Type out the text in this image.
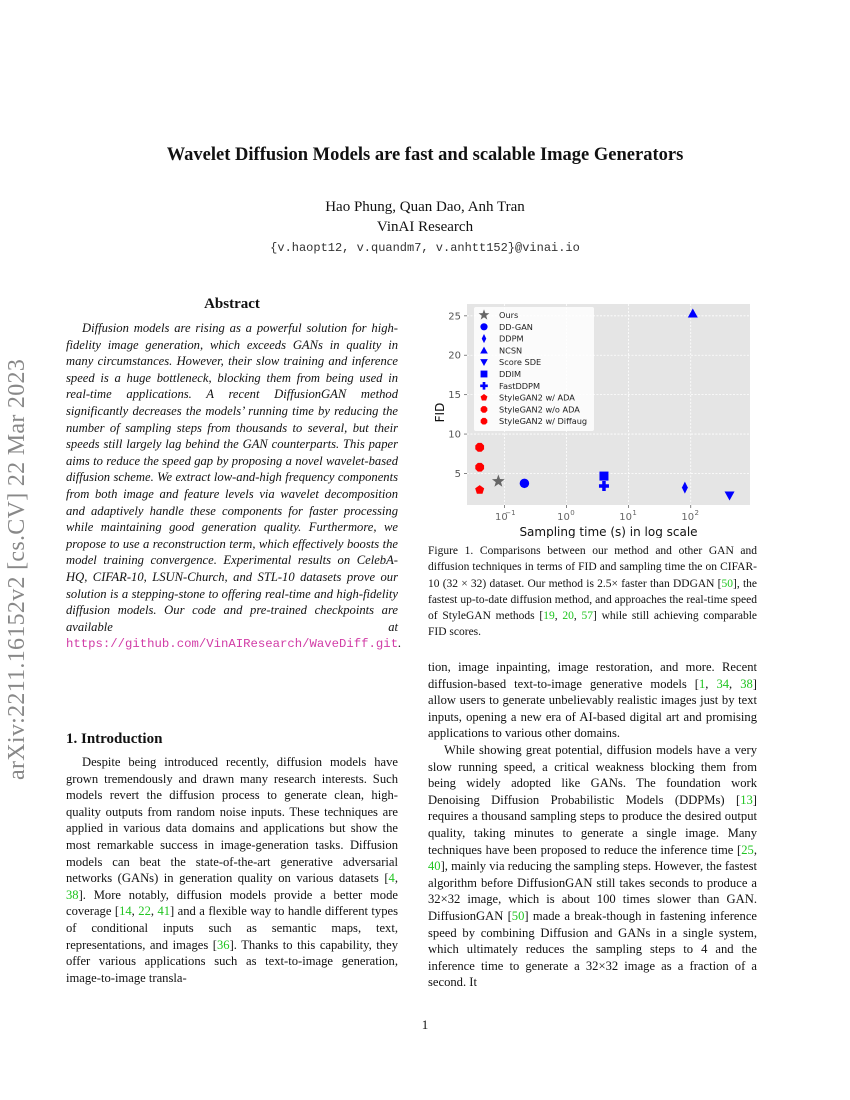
arXiv:2211.16152v2 [cs.CV] 22 Mar 2023
Wavelet Diffusion Models are fast and scalable Image Generators
Hao Phung, Quan Dao, Anh Tran
VinAI Research
{v.haopt12, v.quandm7, v.anhtt152}@vinai.io
Abstract

Diffusion models are rising as a powerful solution for high-fidelity image generation, which exceeds GANs in quality in many circumstances. However, their slow training and inference speed is a huge bottleneck, blocking them from being used in real-time applications. A recent DiffusionGAN method significantly decreases the models’ running time by reducing the number of sampling steps from thousands to several, but their speeds still largely lag behind the GAN counterparts. This paper aims to reduce the speed gap by proposing a novel wavelet-based diffusion scheme. We extract low-and-high frequency components from both image and feature levels via wavelet decomposition and adaptively handle these components for faster processing while maintaining good generation quality. Furthermore, we propose to use a reconstruction term, which effectively boosts the model training convergence. Experimental results on CelebA-HQ, CIFAR-10, LSUN-Church, and STL-10 datasets prove our solution is a stepping-stone to offering real-time and high-fidelity diffusion models. Our code and pre-trained checkpoints are available at https://github.com/VinAIResearch/WaveDiff.git.

1. Introduction

Despite being introduced recently, diffusion models have grown tremendously and drawn many research interests. Such models revert the diffusion process to generate clean, high-quality outputs from random noise inputs. These techniques are applied in various data domains and applications but show the most remarkable success in image-generation tasks. Diffusion models can beat the state-of-the-art generative adversarial networks (GANs) in generation quality on various datasets [4, 38]. More notably, diffusion models provide a better mode coverage [14, 22, 41] and a flexible way to handle different types of conditional inputs such as semantic maps, text, representations, and images [36]. Thanks to this capability, they offer various applications such as text-to-image generation, image-to-image transla-

5
10
15
20
25
10
−1	10 0	10 1	10 2
Sampling time (s) in log scale
FID
Ours
DD-GAN
DDPM
NCSN
Score SDE
DDIM
FastDDPM
StyleGAN2 w/ ADA
StyleGAN2 w/o ADA
StyleGAN2 w/ Diffaug

Figure 1. Comparisons between our method and other GAN and diffusion techniques in terms of FID and sampling time the on CIFAR-10 (32 × 32) dataset. Our method is 2.5× faster than DDGAN [50], the fastest up-to-date diffusion method, and approaches the real-time speed of StyleGAN methods [19, 20, 57] while still achieving comparable FID scores.

tion, image inpainting, image restoration, and more. Recent diffusion-based text-to-image generative models [1, 34, 38] allow users to generate unbelievably realistic images just by text inputs, opening a new era of AI-based digital art and promising applications to various other domains.

While showing great potential, diffusion models have a very slow running speed, a critical weakness blocking them from being widely adopted like GANs. The foundation work Denoising Diffusion Probabilistic Models (DDPMs) [13] requires a thousand sampling steps to produce the desired output quality, taking minutes to generate a single image. Many techniques have been proposed to reduce the inference time [25, 40], mainly via reducing the sampling steps. However, the fastest algorithm before DiffusionGAN still takes seconds to produce a 32×32 image, which is about 100 times slower than GAN. DiffusionGAN [50] made a break-though in fastening inference speed by combining Diffusion and GANs in a single system, which ultimately reduces the sampling steps to 4 and the inference time to generate a 32×32 image as a fraction of a second. It

1
